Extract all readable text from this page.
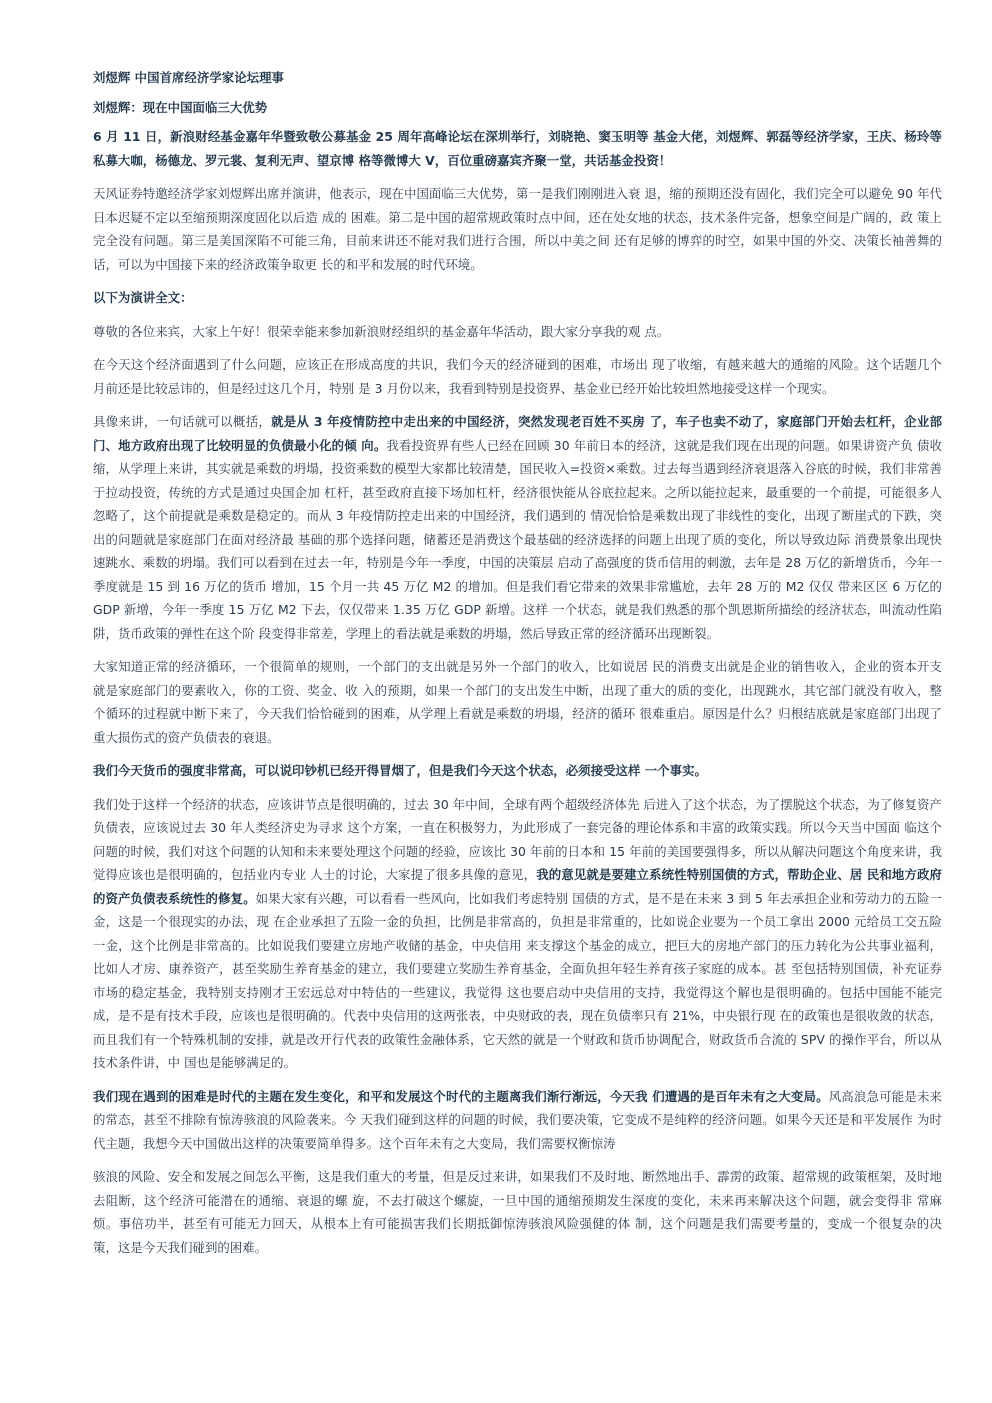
刘煜辉 中国首席经济学家论坛理事

刘煜辉：现在中国面临三大优势

6 月 11 日，新浪财经基金嘉年华暨致敬公募基金 25 周年高峰论坛在深圳举行，刘晓艳、窦玉明等 基金大佬，刘煜辉、郭磊等经济学家，王庆、杨玲等私募大咖，杨德龙、罗元裳、复利无声、望京博 格等微博大 V，百位重磅嘉宾齐聚一堂，共话基金投资！

天风证券特邀经济学家刘煜辉出席并演讲，他表示，现在中国面临三大优势，第一是我们刚刚进入衰 退，缩的预期还没有固化，我们完全可以避免 90 年代日本迟疑不定以至缩预期深度固化以后造 成的 困难。第二是中国的超常规政策时点中间，还在处女地的状态，技术条件完备，想象空间是广阔的，政 策上完全没有问题。第三是美国深陷不可能三角，目前来讲还不能对我们进行合围，所以中美之间 还有足够的博弈的时空，如果中国的外交、决策长袖善舞的话，可以为中国接下来的经济政策争取更 长的和平和发展的时代环境。

以下为演讲全文：

尊敬的各位来宾，大家上午好！很荣幸能来参加新浪财经组织的基金嘉年华活动，跟大家分享我的观 点。

在今天这个经济面遇到了什么问题，应该正在形成高度的共识，我们今天的经济碰到的困难，市场出 现了收缩，有越来越大的通缩的风险。这个话题几个月前还是比较忌讳的，但是经过这几个月，特别 是 3 月份以来，我看到特别是投资界、基金业已经开始比较坦然地接受这样一个现实。

具像来讲，一句话就可以概括，就是从 3 年疫情防控中走出来的中国经济，突然发现老百姓不买房 了，车子也卖不动了，家庭部门开始去杠杆，企业部门、地方政府出现了比较明显的负债最小化的倾 向。我看投资界有些人已经在回顾 30 年前日本的经济，这就是我们现在出现的问题。如果讲资产负 债收缩，从学理上来讲，其实就是乘数的坍塌，投资乘数的模型大家都比较清楚，国民收入=投资×乘数。过去每当遇到经济衰退落入谷底的时候，我们非常善于拉动投资，传统的方式是通过央国企加 杠杆，甚至政府直接下场加杠杆，经济很快能从谷底拉起来。之所以能拉起来，最重要的一个前提，可能很多人忽略了，这个前提就是乘数是稳定的。而从 3 年疫情防控走出来的中国经济，我们遇到的 情况恰恰是乘数出现了非线性的变化，出现了断崖式的下跌，突出的问题就是家庭部门在面对经济最 基础的那个选择问题，储蓄还是消费这个最基础的经济选择的问题上出现了质的变化，所以导致边际 消费景象出现快速跳水、乘数的坍塌。我们可以看到在过去一年，特别是今年一季度，中国的决策层 启动了高强度的货币信用的刺激，去年是 28 万亿的新增货币，今年一季度就是 15 到 16 万亿的货币 增加，15 个月一共 45 万亿 M2 的增加。但是我们看它带来的效果非常尴尬，去年 28 万的 M2 仅仅 带来区区 6 万亿的 GDP 新增，今年一季度 15 万亿 M2 下去，仅仅带来 1.35 万亿 GDP 新增。这样 一个状态，就是我们熟悉的那个凯恩斯所描绘的经济状态，叫流动性陷阱，货币政策的弹性在这个阶 段变得非常差，学理上的看法就是乘数的坍塌，然后导致正常的经济循环出现断裂。

大家知道正常的经济循环，一个很简单的规则，一个部门的支出就是另外一个部门的收入，比如说居 民的消费支出就是企业的销售收入，企业的资本开支就是家庭部门的要素收入，你的工资、奖金、收 入的预期，如果一个部门的支出发生中断，出现了重大的质的变化，出现跳水，其它部门就没有收入，整个循环的过程就中断下来了，今天我们恰恰碰到的困难，从学理上看就是乘数的坍塌，经济的循环 很难重启。原因是什么？归根结底就是家庭部门出现了重大损伤式的资产负债表的衰退。

我们今天货币的强度非常高，可以说印钞机已经开得冒烟了，但是我们今天这个状态，必须接受这样 一个事实。

我们处于这样一个经济的状态，应该讲节点是很明确的，过去 30 年中间，全球有两个超级经济体先 后进入了这个状态，为了摆脱这个状态，为了修复资产负债表，应该说过去 30 年人类经济史为寻求 这个方案，一直在积极努力，为此形成了一套完备的理论体系和丰富的政策实践。所以今天当中国面 临这个问题的时候，我们对这个问题的认知和未来要处理这个问题的经验，应该比 30 年前的日本和 15 年前的美国要强得多，所以从解决问题这个角度来讲，我觉得应该也是很明确的，包括业内专业 人士的讨论，大家提了很多具像的意见，我的意见就是要建立系统性特别国债的方式，帮助企业、居 民和地方政府的资产负债表系统性的修复。如果大家有兴趣，可以看看一些风向，比如我们考虑特别 国债的方式，是不是在未来 3 到 5 年去承担企业和劳动力的五险一金，这是一个很现实的办法，现 在企业承担了五险一金的负担，比例是非常高的，负担是非常重的，比如说企业要为一个员工拿出 2000 元给员工交五险一金，这个比例是非常高的。比如说我们要建立房地产收储的基金，中央信用 来支撑这个基金的成立，把巨大的房地产部门的压力转化为公共事业福利，比如人才房、康养资产，甚至奖励生养育基金的建立，我们要建立奖励生养育基金，全面负担年轻生养育孩子家庭的成本。甚 至包括特别国债，补充证券市场的稳定基金，我特别支持刚才王宏远总对中特估的一些建议，我觉得 这也要启动中央信用的支持，我觉得这个解也是很明确的。包括中国能不能完成，是不是有技术手段，应该也是很明确的。代表中央信用的这两张表，中央财政的表，现在负债率只有 21%，中央银行现 在的政策也是很收敛的状态，而且我们有一个特殊机制的安排，就是改开行代表的政策性金融体系，它天然的就是一个财政和货币协调配合，财政货币合流的 SPV 的操作平台，所以从技术条件讲，中 国也是能够满足的。

我们现在遇到的困难是时代的主题在发生变化，和平和发展这个时代的主题离我们渐行渐远，今天我 们遭遇的是百年未有之大变局。风高浪急可能是未来的常态，甚至不排除有惊涛骇浪的风险袭来。今 天我们碰到这样的问题的时候，我们要决策，它变成不是纯粹的经济问题。如果今天还是和平发展作 为时代主题，我想今天中国做出这样的决策要简单得多。这个百年未有之大变局，我们需要权衡惊涛

骇浪的风险、安全和发展之间怎么平衡，这是我们重大的考量，但是反过来讲，如果我们不及时地、断然地出手、霹雳的政策、超常规的政策框架，及时地去阻断，这个经济可能潜在的通缩、衰退的螺 旋，不去打破这个螺旋，一旦中国的通缩预期发生深度的变化，未来再来解决这个问题，就会变得非 常麻烦。事倍功半，甚至有可能无力回天，从根本上有可能损害我们长期抵御惊涛骇浪风险强健的体 制，这个问题是我们需要考量的，变成一个很复杂的决策，这是今天我们碰到的困难。
